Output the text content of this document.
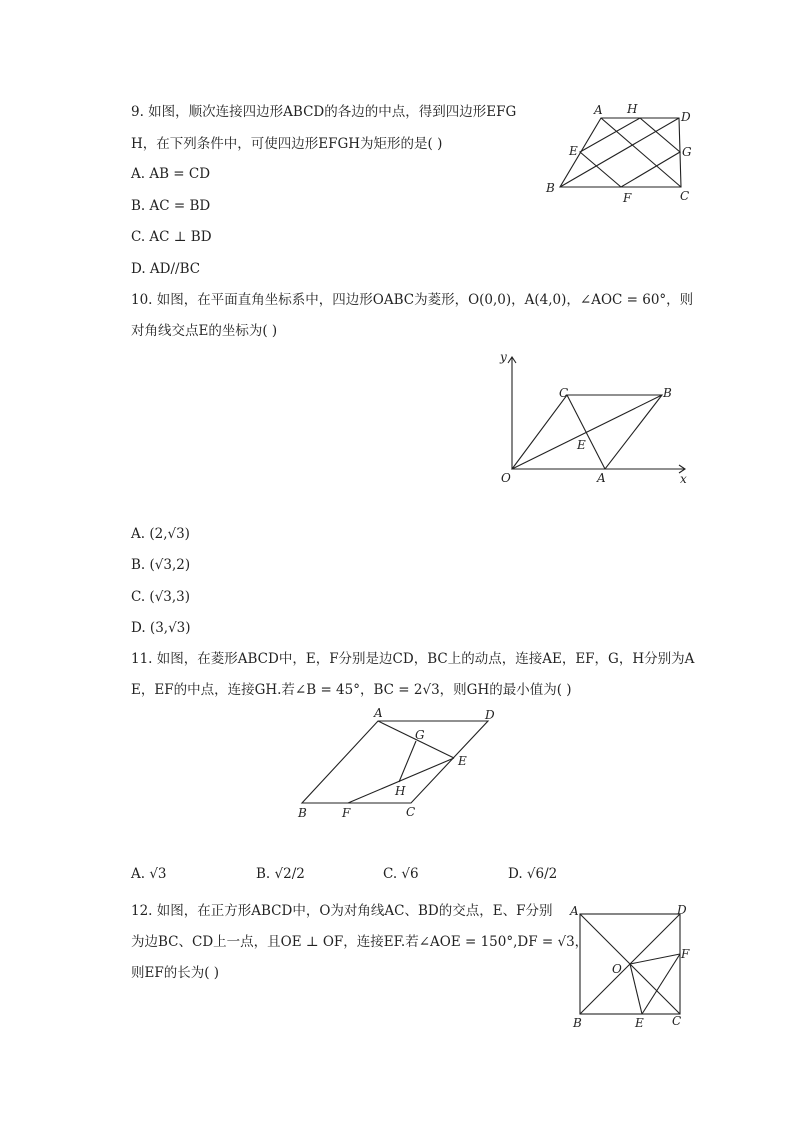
9. 如图，顺次连接四边形ABCD的各边的中点，得到四边形EFG
H，在下列条件中，可使四边形EFGH为矩形的是( )
A. AB = CD
B. AC = BD
C. AC ⊥ BD
D. AD//BC
A H
D
E	G
B
F	C
10. 如图，在平面直角坐标系中，四边形OABC为菱形，O(0,0)，A(4,0)，∠AOC = 60°，则
对角线交点E的坐标为( )
y
x
O	A
B
C
E
A. (2,√3)
B. (√3,2)
C. (√3,3)
D. (3,√3)
11. 如图，在菱形ABCD中，E，F分别是边CD，BC上的动点，连接AE，EF，G，H分别为A
E，EF的中点，连接GH.若∠B = 45°，BC = 2√3，则GH的最小值为( )
A	D
G
E
H
B	F	C
A. √3	B. √2/2	C. √6	D. √6/2
12. 如图，在正方形ABCD中，O为对角线AC、BD的交点，E、F分别
为边BC、CD上一点，且OE ⊥ OF，连接EF.若∠AOE = 150°,DF = √3，
则EF的长为( )
A	D
O
F
B	E C
